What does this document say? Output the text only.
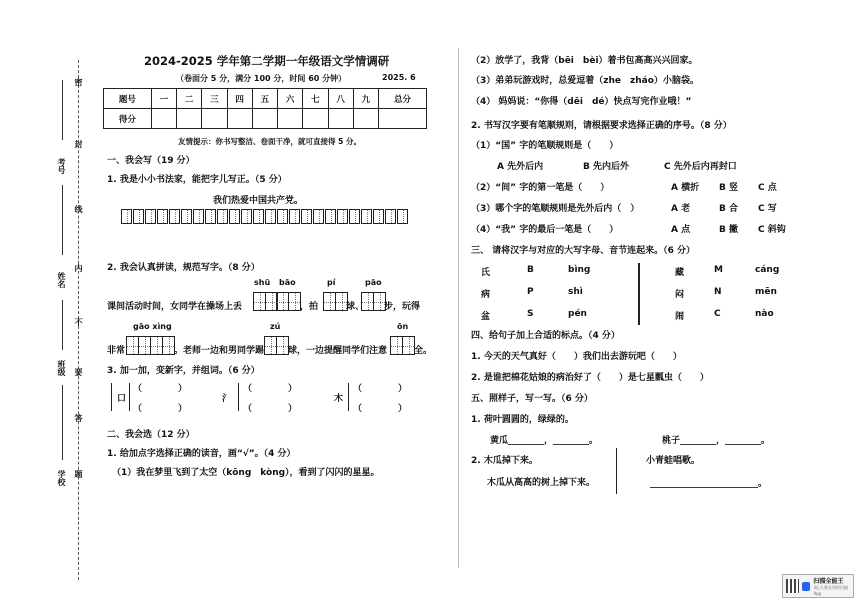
学校
班级
姓名
考号
密
封
线
内
不
要
答
题
2024-2025 学年第二学期一年级语文学情调研
（卷面分 5 分，满分 100 分，时间 60 分钟）	2025. 6
题号	一	二	三	四	五	六	七	八	九	总分
得分										
友情提示：你书写整洁、卷面干净，就可直接得 5 分。
一、我会写（19 分）
1. 我是小小书法家，能把字儿写正。（5 分）
我们热爱中国共产党。
2. 我会认真拼读，规范写字。（8 分）
shū bāo	pí	pāo
课间活动时间，女同学在操场上丢	，拍	球、 步，玩得
gāo xìng	zú	ōn
非常	。老师一边和男同学踢	球，一边提醒同学们注意	全。
3. 加一加，变新字，并组词。（6 分）
口
（　　　　）
（　　　　）
氵
（　　　　）
（　　　　）
木
（　　　　）
（　　　　）
二、我会选（12 分）
1. 给加点字选择正确的读音，画“√”。（4 分）
（1）我在梦里飞到了太空（kōng　kòng），看到了闪闪的星星。
（2）放学了，我背（bēi　bèi）着书包高高兴兴回家。
（3）弟弟玩游戏时，总爱逗着（zhe　zháo）小脑袋。
（4） 妈妈说：“你得（děi　dé）快点写完作业哦！”
2. 书写汉字要有笔顺规则，请根据要求选择正确的序号。（8 分）
（1）“国” 字的笔顺规则是（　　）
A 先外后内	B 先内后外	C 先外后内再封口
（2）“间” 字的第一笔是（　　）	A 横折 B 竖 C 点
（3）哪个字的笔顺规则是先外后内（　）	A 老	B 合 C 写
（4）“我” 字的最后一笔是（　　）	A 点	B 撇 C 斜钩
三、 请将汉字与对应的大写字母、音节连起来。（6 分）
氏	B	bìng
病	P	shì
盆	S	pén
藏	M	cáng
闷	N	mēn
闹	C	nào
四、给句子加上合适的标点。（4 分）
1. 今天的天气真好（　　）我们出去游玩吧（　　）
2. 是谁把棉花姑娘的病治好了（　　）是七星瓢虫（　　）
五、照样子，写一写。（6 分）
1. 荷叶圆圆的，绿绿的。
黄瓜________，________。	桃子________，________。
2. 木瓜掉下来。	小青蛙唱歌。
木瓜从高高的树上掉下来。	________________________。
扫描全能王
3亿人都在用的扫描App
